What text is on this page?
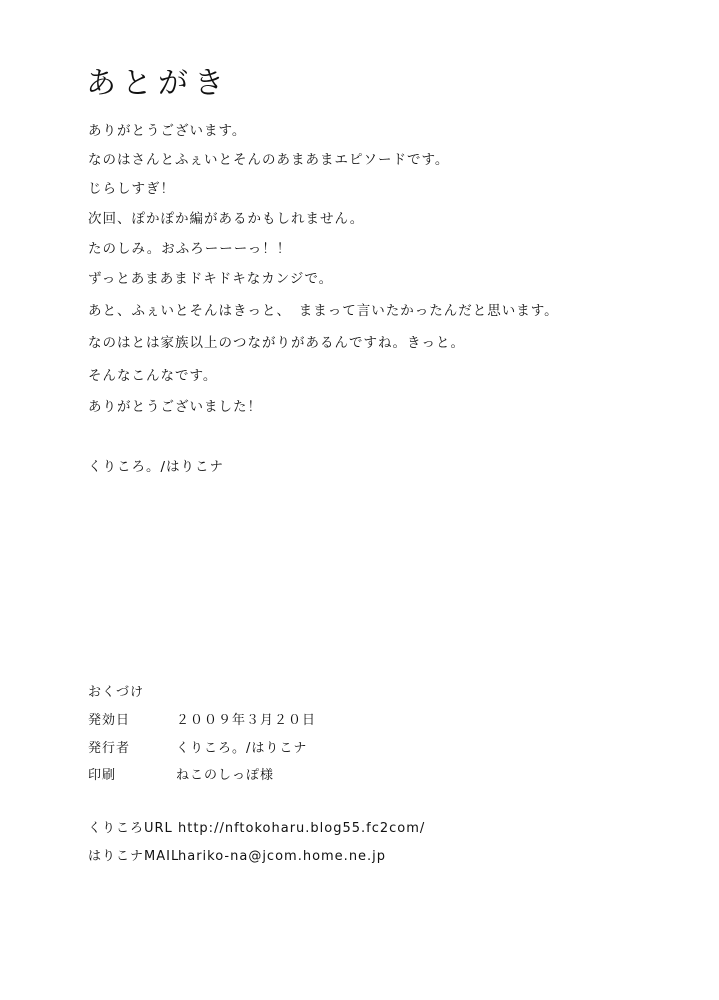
あとがき
ありがとうございます。
なのはさんとふぇいとそんのあまあまエピソードです。
じらしすぎ！
次回、ぽかぽか編があるかもしれません。
たのしみ。おふろーーーっ！！
ずっとあまあまドキドキなカンジで。
あと、ふぇいとそんはきっと、　ままって言いたかったんだと思います。
なのはとは家族以上のつながりがあるんですね。きっと。
そんなこんなです。
ありがとうございました！
くりころ。/はりこナ
おくづけ
発効日	２００９年３月２０日
発行者	くりころ。/はりこナ
印刷	ねこのしっぽ様
くりころURL http://nftokoharu.blog55.fc2com/
はりこナMAILhariko-na@jcom.home.ne.jp
